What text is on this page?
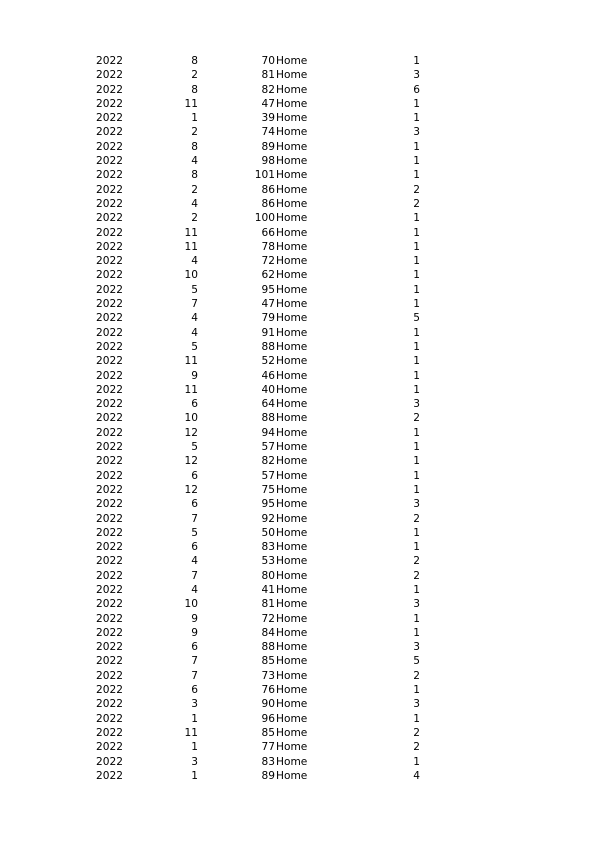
2022	8	70 Home	1
2022	2	81 Home	3
2022	8	82 Home	6
2022	11	47 Home	1
2022	1	39 Home	1
2022	2	74 Home	3
2022	8	89 Home	1
2022	4	98 Home	1
2022	8	101 Home	1
2022	2	86 Home	2
2022	4	86 Home	2
2022	2	100 Home	1
2022	11	66 Home	1
2022	11	78 Home	1
2022	4	72 Home	1
2022	10	62 Home	1
2022	5	95 Home	1
2022	7	47 Home	1
2022	4	79 Home	5
2022	4	91 Home	1
2022	5	88 Home	1
2022	11	52 Home	1
2022	9	46 Home	1
2022	11	40 Home	1
2022	6	64 Home	3
2022	10	88 Home	2
2022	12	94 Home	1
2022	5	57 Home	1
2022	12	82 Home	1
2022	6	57 Home	1
2022	12	75 Home	1
2022	6	95 Home	3
2022	7	92 Home	2
2022	5	50 Home	1
2022	6	83 Home	1
2022	4	53 Home	2
2022	7	80 Home	2
2022	4	41 Home	1
2022	10	81 Home	3
2022	9	72 Home	1
2022	9	84 Home	1
2022	6	88 Home	3
2022	7	85 Home	5
2022	7	73 Home	2
2022	6	76 Home	1
2022	3	90 Home	3
2022	1	96 Home	1
2022	11	85 Home	2
2022	1	77 Home	2
2022	3	83 Home	1
2022	1	89 Home	4
